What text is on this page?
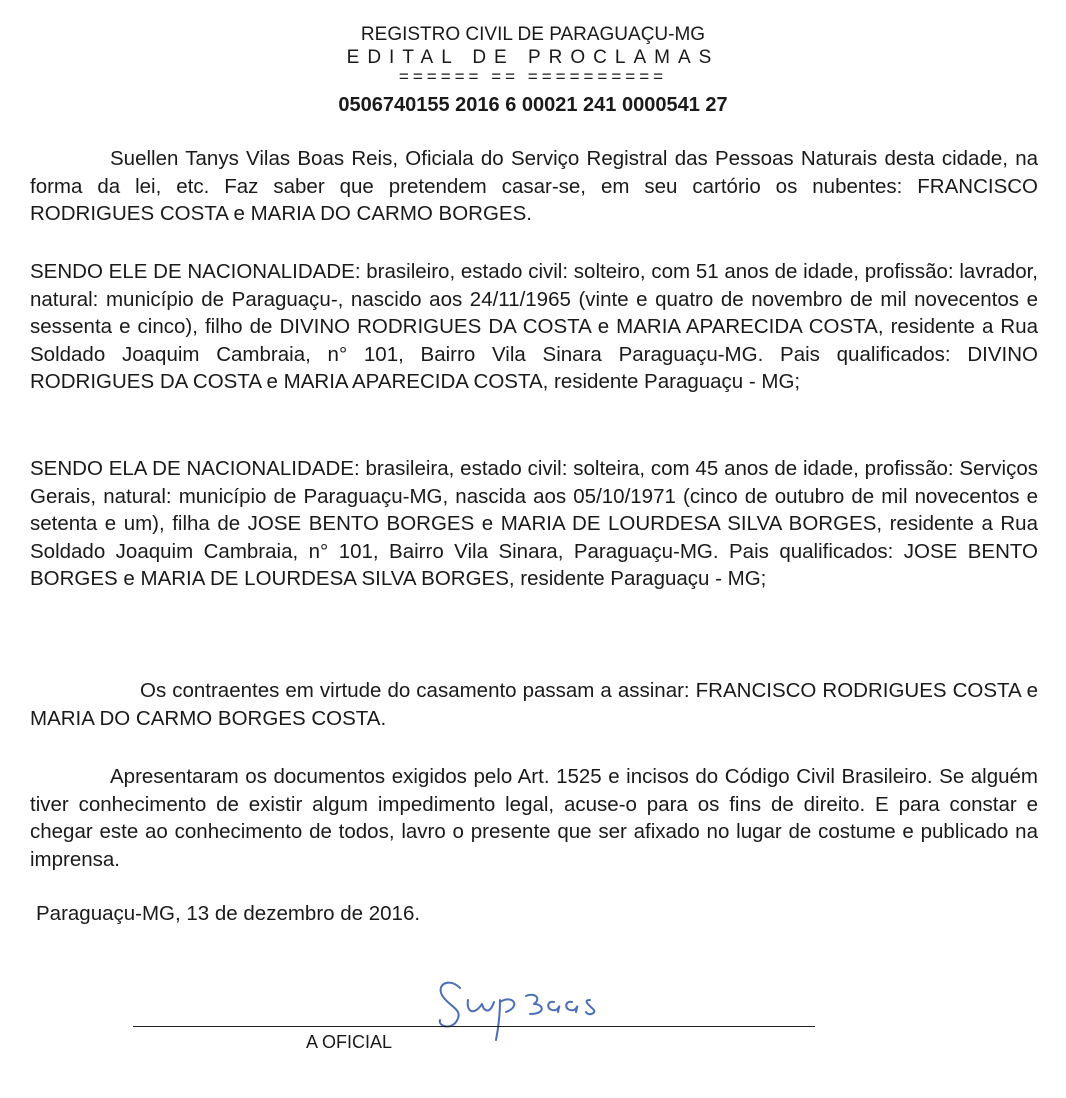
REGISTRO CIVIL DE PARAGUAÇU-MG
EDITAL DE PROCLAMAS
====== == ==========
0506740155 2016 6 00021 241 0000541 27

Suellen Tanys Vilas Boas Reis, Oficiala do Serviço Registral das Pessoas Naturais desta cidade, na forma da lei, etc. Faz saber que pretendem casar-se, em seu cartório os nubentes: FRANCISCO RODRIGUES COSTA e MARIA DO CARMO BORGES.

SENDO ELE DE NACIONALIDADE: brasileiro, estado civil: solteiro, com 51 anos de idade, profissão: lavrador, natural: município de Paraguaçu-, nascido aos 24/11/1965 (vinte e quatro de novembro de mil novecentos e sessenta e cinco), filho de DIVINO RODRIGUES DA COSTA e MARIA APARECIDA COSTA, residente a Rua Soldado Joaquim Cambraia, n° 101, Bairro Vila Sinara Paraguaçu-MG. Pais qualificados: DIVINO RODRIGUES DA COSTA e MARIA APARECIDA COSTA, residente Paraguaçu - MG;

SENDO ELA DE NACIONALIDADE: brasileira, estado civil: solteira, com 45 anos de idade, profissão: Serviços Gerais, natural: município de Paraguaçu-MG, nascida aos 05/10/1971 (cinco de outubro de mil novecentos e setenta e um), filha de JOSE BENTO BORGES e MARIA DE LOURDESA SILVA BORGES, residente a Rua Soldado Joaquim Cambraia, n° 101, Bairro Vila Sinara, Paraguaçu-MG. Pais qualificados: JOSE BENTO BORGES e MARIA DE LOURDESA SILVA BORGES, residente Paraguaçu - MG;

Os contraentes em virtude do casamento passam a assinar: FRANCISCO RODRIGUES COSTA e MARIA DO CARMO BORGES COSTA.

Apresentaram os documentos exigidos pelo Art. 1525 e incisos do Código Civil Brasileiro. Se alguém tiver conhecimento de existir algum impedimento legal, acuse-o para os fins de direito. E para constar e chegar este ao conhecimento de todos, lavro o presente que ser afixado no lugar de costume e publicado na imprensa.

Paraguaçu-MG, 13 de dezembro de 2016.
A OFICIAL
